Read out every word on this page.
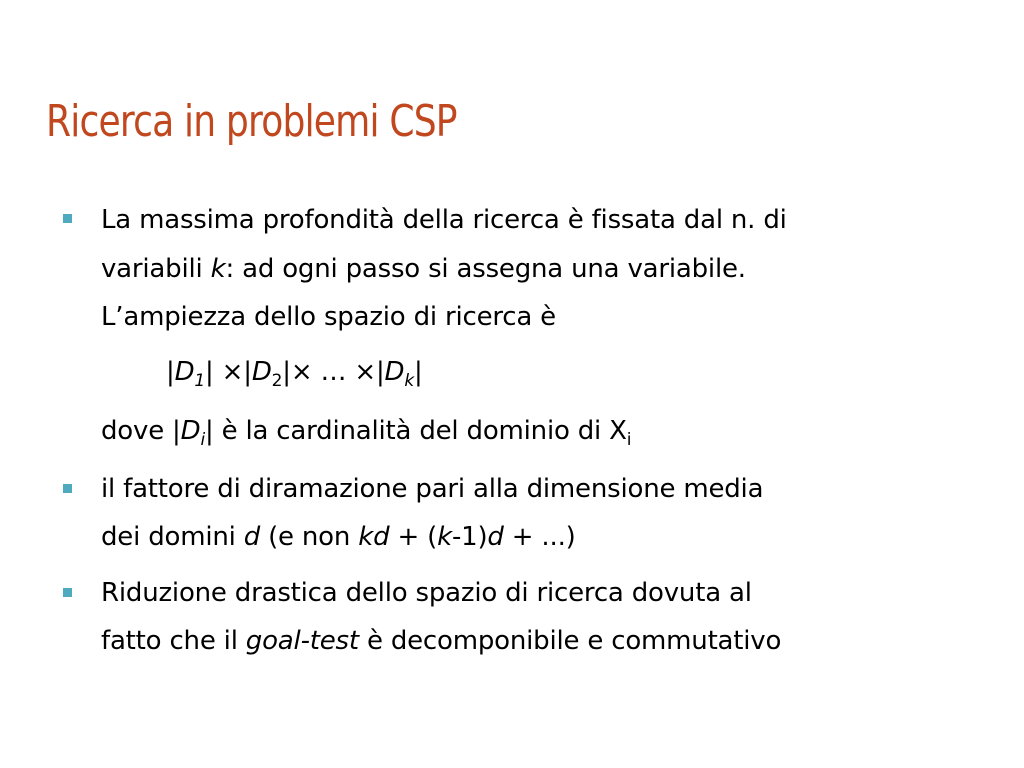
Ricerca in problemi CSP
La massima profondità della ricerca è fissata dal n. di
variabili k: ad ogni passo si assegna una variabile.
L’ampiezza dello spazio di ricerca è
$|D_1| \times|D_2|\times$ … $\times|D_k|$
dove $|D_i|$ è la cardinalità del dominio di $X_i$
il fattore di diramazione pari alla dimensione media
dei domini d (e non kd + (k-1)d + ...)
Riduzione drastica dello spazio di ricerca dovuta al
fatto che il goal-test è decomponibile e commutativo
